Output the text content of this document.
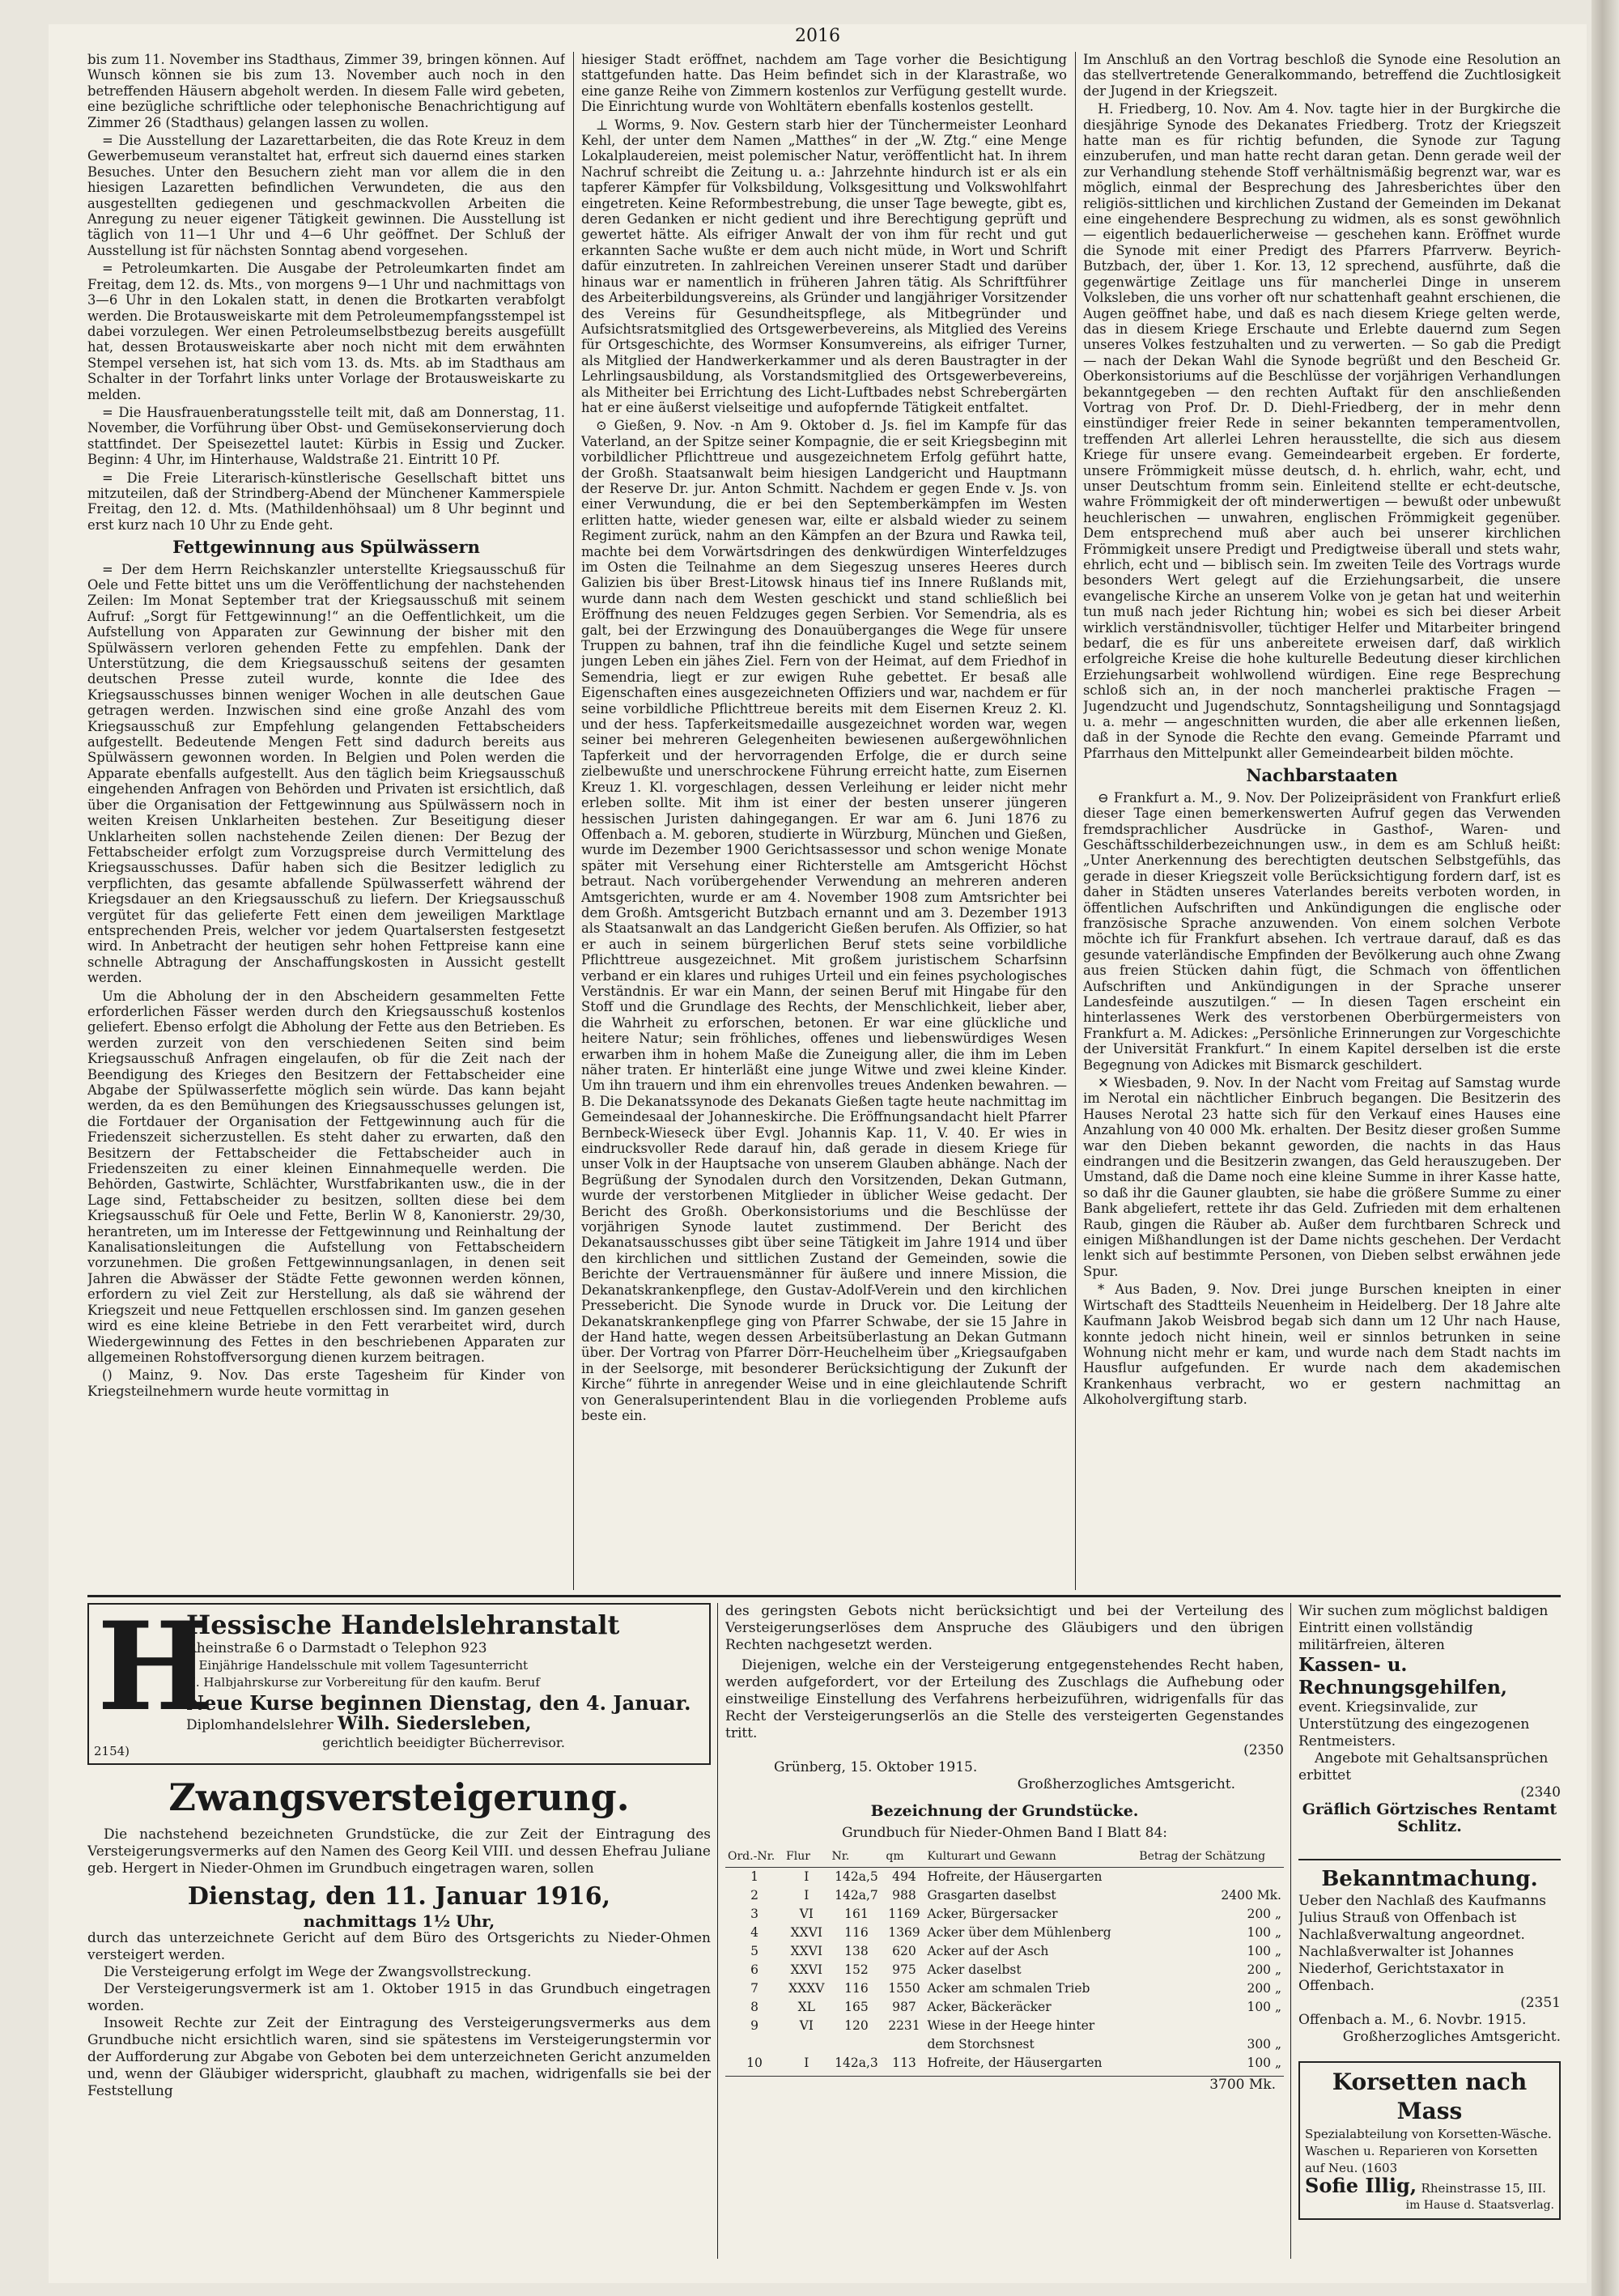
2016

bis zum 11. November ins Stadthaus, Zimmer 39, bringen können. Auf Wunsch können sie bis zum 13. November auch noch in den betreffenden Häusern abgeholt werden. In diesem Falle wird gebeten, eine bezügliche schriftliche oder telephonische Benachrichtigung auf Zimmer 26 (Stadthaus) gelangen lassen zu wollen.

= Die Ausstellung der Lazarettarbeiten, die das Rote Kreuz in dem Gewerbemuseum veranstaltet hat, erfreut sich dauernd eines starken Besuches. Unter den Besuchern zieht man vor allem die in den hiesigen Lazaretten befindlichen Verwundeten, die aus den ausgestellten gediegenen und geschmackvollen Arbeiten die Anregung zu neuer eigener Tätigkeit gewinnen. Die Ausstellung ist täglich von 11—1 Uhr und 4—6 Uhr geöffnet. Der Schluß der Ausstellung ist für nächsten Sonntag abend vorgesehen.

= Petroleumkarten. Die Ausgabe der Petroleumkarten findet am Freitag, dem 12. ds. Mts., von morgens 9—1 Uhr und nachmittags von 3—6 Uhr in den Lokalen statt, in denen die Brotkarten verabfolgt werden. Die Brotausweiskarte mit dem Petroleumempfangsstempel ist dabei vorzulegen. Wer einen Petroleumselbstbezug bereits ausgefüllt hat, dessen Brotausweiskarte aber noch nicht mit dem erwähnten Stempel versehen ist, hat sich vom 13. ds. Mts. ab im Stadthaus am Schalter in der Torfahrt links unter Vorlage der Brotausweiskarte zu melden.

= Die Hausfrauenberatungsstelle teilt mit, daß am Donnerstag, 11. November, die Vorführung über Obst- und Gemüsekonservierung doch stattfindet. Der Speisezettel lautet: Kürbis in Essig und Zucker. Beginn: 4 Uhr, im Hinterhause, Waldstraße 21. Eintritt 10 Pf.

= Die Freie Literarisch-künstlerische Gesellschaft bittet uns mitzuteilen, daß der Strindberg-Abend der Münchener Kammerspiele Freitag, den 12. d. Mts. (Mathildenhöhsaal) um 8 Uhr beginnt und erst kurz nach 10 Uhr zu Ende geht.

Fettgewinnung aus Spülwässern

= Der dem Herrn Reichskanzler unterstellte Kriegsausschuß für Oele und Fette bittet uns um die Veröffentlichung der nachstehenden Zeilen: Im Monat September trat der Kriegsausschuß mit seinem Aufruf: „Sorgt für Fettgewinnung!“ an die Oeffentlichkeit, um die Aufstellung von Apparaten zur Gewinnung der bisher mit den Spülwässern verloren gehenden Fette zu empfehlen. Dank der Unterstützung, die dem Kriegsausschuß seitens der gesamten deutschen Presse zuteil wurde, konnte die Idee des Kriegsausschusses binnen weniger Wochen in alle deutschen Gaue getragen werden. Inzwischen sind eine große Anzahl des vom Kriegsausschuß zur Empfehlung gelangenden Fettabscheiders aufgestellt. Bedeutende Mengen Fett sind dadurch bereits aus Spülwässern gewonnen worden. In Belgien und Polen werden die Apparate ebenfalls aufgestellt. Aus den täglich beim Kriegsausschuß eingehenden Anfragen von Behörden und Privaten ist ersichtlich, daß über die Organisation der Fettgewinnung aus Spülwässern noch in weiten Kreisen Unklarheiten bestehen. Zur Beseitigung dieser Unklarheiten sollen nachstehende Zeilen dienen: Der Bezug der Fettabscheider erfolgt zum Vorzugspreise durch Vermittelung des Kriegsausschusses. Dafür haben sich die Besitzer lediglich zu verpflichten, das gesamte abfallende Spülwasserfett während der Kriegsdauer an den Kriegsausschuß zu liefern. Der Kriegsausschuß vergütet für das gelieferte Fett einen dem jeweiligen Marktlage entsprechenden Preis, welcher vor jedem Quartalsersten festgesetzt wird. In Anbetracht der heutigen sehr hohen Fettpreise kann eine schnelle Abtragung der Anschaffungskosten in Aussicht gestellt werden.

Um die Abholung der in den Abscheidern gesammelten Fette erforderlichen Fässer werden durch den Kriegsausschuß kostenlos geliefert. Ebenso erfolgt die Abholung der Fette aus den Betrieben. Es werden zurzeit von den verschiedenen Seiten sind beim Kriegsausschuß Anfragen eingelaufen, ob für die Zeit nach der Beendigung des Krieges den Besitzern der Fettabscheider eine Abgabe der Spülwasserfette möglich sein würde. Das kann bejaht werden, da es den Bemühungen des Kriegsausschusses gelungen ist, die Fortdauer der Organisation der Fettgewinnung auch für die Friedenszeit sicherzustellen. Es steht daher zu erwarten, daß den Besitzern der Fettabscheider die Fettabscheider auch in Friedenszeiten zu einer kleinen Einnahmequelle werden. Die Behörden, Gastwirte, Schlächter, Wurstfabrikanten usw., die in der Lage sind, Fettabscheider zu besitzen, sollten diese bei dem Kriegsausschuß für Oele und Fette, Berlin W 8, Kanonierstr. 29/30, herantreten, um im Interesse der Fettgewinnung und Reinhaltung der Kanalisationsleitungen die Aufstellung von Fettabscheidern vorzunehmen. Die großen Fettgewinnungsanlagen, in denen seit Jahren die Abwässer der Städte Fette gewonnen werden können, erfordern zu viel Zeit zur Herstellung, als daß sie während der Kriegszeit und neue Fettquellen erschlossen sind. Im ganzen gesehen wird es eine kleine Betriebe in den Fett verarbeitet wird, durch Wiedergewinnung des Fettes in den beschriebenen Apparaten zur allgemeinen Rohstoffversorgung dienen kurzem beitragen.

() Mainz, 9. Nov. Das erste Tagesheim für Kinder von Kriegsteilnehmern wurde heute vormittag in

hiesiger Stadt eröffnet, nachdem am Tage vorher die Besichtigung stattgefunden hatte. Das Heim befindet sich in der Klarastraße, wo eine ganze Reihe von Zimmern kostenlos zur Verfügung gestellt wurde. Die Einrichtung wurde von Wohltätern ebenfalls kostenlos gestellt.

⊥ Worms, 9. Nov. Gestern starb hier der Tünchermeister Leonhard Kehl, der unter dem Namen „Matthes“ in der „W. Ztg.“ eine Menge Lokalplaudereien, meist polemischer Natur, veröffentlicht hat. In ihrem Nachruf schreibt die Zeitung u. a.: Jahrzehnte hindurch ist er als ein tapferer Kämpfer für Volksbildung, Volksgesittung und Volkswohlfahrt eingetreten. Keine Reformbestrebung, die unser Tage bewegte, gibt es, deren Gedanken er nicht gedient und ihre Berechtigung geprüft und gewertet hätte. Als eifriger Anwalt der von ihm für recht und gut erkannten Sache wußte er dem auch nicht müde, in Wort und Schrift dafür einzutreten. In zahlreichen Vereinen unserer Stadt und darüber hinaus war er namentlich in früheren Jahren tätig. Als Schriftführer des Arbeiterbildungsvereins, als Gründer und langjähriger Vorsitzender des Vereins für Gesundheitspflege, als Mitbegründer und Aufsichtsratsmitglied des Ortsgewerbevereins, als Mitglied des Vereins für Ortsgeschichte, des Wormser Konsumvereins, als eifriger Turner, als Mitglied der Handwerkerkammer und als deren Baustragter in der Lehrlingsausbildung, als Vorstandsmitglied des Ortsgewerbevereins, als Mitheiter bei Errichtung des Licht-Luftbades nebst Schrebergärten hat er eine äußerst vielseitige und aufopfernde Tätigkeit entfaltet.

⊙ Gießen, 9. Nov. -n Am 9. Oktober d. Js. fiel im Kampfe für das Vaterland, an der Spitze seiner Kompagnie, die er seit Kriegsbeginn mit vorbildlicher Pflichttreue und ausgezeichnetem Erfolg geführt hatte, der Großh. Staatsanwalt beim hiesigen Landgericht und Hauptmann der Reserve Dr. jur. Anton Schmitt. Nachdem er gegen Ende v. Js. von einer Verwundung, die er bei den Septemberkämpfen im Westen erlitten hatte, wieder genesen war, eilte er alsbald wieder zu seinem Regiment zurück, nahm an den Kämpfen an der Bzura und Rawka teil, machte bei dem Vorwärtsdringen des denkwürdigen Winterfeldzuges im Osten die Teilnahme an dem Siegeszug unseres Heeres durch Galizien bis über Brest-Litowsk hinaus tief ins Innere Rußlands mit, wurde dann nach dem Westen geschickt und stand schließlich bei Eröffnung des neuen Feldzuges gegen Serbien. Vor Semendria, als es galt, bei der Erzwingung des Donauüberganges die Wege für unsere Truppen zu bahnen, traf ihn die feindliche Kugel und setzte seinem jungen Leben ein jähes Ziel. Fern von der Heimat, auf dem Friedhof in Semendria, liegt er zur ewigen Ruhe gebettet. Er besaß alle Eigenschaften eines ausgezeichneten Offiziers und war, nachdem er für seine vorbildliche Pflichttreue bereits mit dem Eisernen Kreuz 2. Kl. und der hess. Tapferkeitsmedaille ausgezeichnet worden war, wegen seiner bei mehreren Gelegenheiten bewiesenen außergewöhnlichen Tapferkeit und der hervorragenden Erfolge, die er durch seine zielbewußte und unerschrockene Führung erreicht hatte, zum Eisernen Kreuz 1. Kl. vorgeschlagen, dessen Verleihung er leider nicht mehr erleben sollte. Mit ihm ist einer der besten unserer jüngeren hessischen Juristen dahingegangen. Er war am 6. Juni 1876 zu Offenbach a. M. geboren, studierte in Würzburg, München und Gießen, wurde im Dezember 1900 Gerichtsassessor und schon wenige Monate später mit Versehung einer Richterstelle am Amtsgericht Höchst betraut. Nach vorübergehender Verwendung an mehreren anderen Amtsgerichten, wurde er am 4. November 1908 zum Amtsrichter bei dem Großh. Amtsgericht Butzbach ernannt und am 3. Dezember 1913 als Staatsanwalt an das Landgericht Gießen berufen. Als Offizier, so hat er auch in seinem bürgerlichen Beruf stets seine vorbildliche Pflichttreue ausgezeichnet. Mit großem juristischem Scharfsinn verband er ein klares und ruhiges Urteil und ein feines psychologisches Verständnis. Er war ein Mann, der seinen Beruf mit Hingabe für den Stoff und die Grundlage des Rechts, der Menschlichkeit, lieber aber, die Wahrheit zu erforschen, betonen. Er war eine glückliche und heitere Natur; sein fröhliches, offenes und liebenswürdiges Wesen erwarben ihm in hohem Maße die Zuneigung aller, die ihm im Leben näher traten. Er hinterläßt eine junge Witwe und zwei kleine Kinder. Um ihn trauern und ihm ein ehrenvolles treues Andenken bewahren. — B. Die Dekanatssynode des Dekanats Gießen tagte heute nachmittag im Gemeindesaal der Johanneskirche. Die Eröffnungsandacht hielt Pfarrer Bernbeck-Wieseck über Evgl. Johannis Kap. 11, V. 40. Er wies in eindrucksvoller Rede darauf hin, daß gerade in diesem Kriege für unser Volk in der Hauptsache von unserem Glauben abhänge. Nach der Begrüßung der Synodalen durch den Vorsitzenden, Dekan Gutmann, wurde der verstorbenen Mitglieder in üblicher Weise gedacht. Der Bericht des Großh. Oberkonsistoriums und die Beschlüsse der vorjährigen Synode lautet zustimmend. Der Bericht des Dekanatsausschusses gibt über seine Tätigkeit im Jahre 1914 und über den kirchlichen und sittlichen Zustand der Gemeinden, sowie die Berichte der Vertrauensmänner für äußere und innere Mission, die Dekanatskrankenpflege, den Gustav-Adolf-Verein und den kirchlichen Pressebericht. Die Synode wurde in Druck vor. Die Leitung der Dekanatskrankenpflege ging von Pfarrer Schwabe, der sie 15 Jahre in der Hand hatte, wegen dessen Arbeitsüberlastung an Dekan Gutmann über. Der Vortrag von Pfarrer Dörr-Heuchelheim über „Kriegsaufgaben in der Seelsorge, mit besonderer Berücksichtigung der Zukunft der Kirche“ führte in anregender Weise und in eine gleichlautende Schrift von Generalsuperintendent Blau in die vorliegenden Probleme aufs beste ein.

Im Anschluß an den Vortrag beschloß die Synode eine Resolution an das stellvertretende Generalkommando, betreffend die Zuchtlosigkeit der Jugend in der Kriegszeit.

H. Friedberg, 10. Nov. Am 4. Nov. tagte hier in der Burgkirche die diesjährige Synode des Dekanates Friedberg. Trotz der Kriegszeit hatte man es für richtig befunden, die Synode zur Tagung einzuberufen, und man hatte recht daran getan. Denn gerade weil der zur Verhandlung stehende Stoff verhältnismäßig begrenzt war, war es möglich, einmal der Besprechung des Jahresberichtes über den religiös-sittlichen und kirchlichen Zustand der Gemeinden im Dekanat eine eingehendere Besprechung zu widmen, als es sonst gewöhnlich — eigentlich bedauerlicherweise — geschehen kann. Eröffnet wurde die Synode mit einer Predigt des Pfarrers Pfarrverw. Beyrich-Butzbach, der, über 1. Kor. 13, 12 sprechend, ausführte, daß die gegenwärtige Zeitlage uns für mancherlei Dinge in unserem Volksleben, die uns vorher oft nur schattenhaft geahnt erschienen, die Augen geöffnet habe, und daß es nach diesem Kriege gelten werde, das in diesem Kriege Erschaute und Erlebte dauernd zum Segen unseres Volkes festzuhalten und zu verwerten. — So gab die Predigt — nach der Dekan Wahl die Synode begrüßt und den Bescheid Gr. Oberkonsistoriums auf die Beschlüsse der vorjährigen Verhandlungen bekanntgegeben — den rechten Auftakt für den anschließenden Vortrag von Prof. Dr. D. Diehl-Friedberg, der in mehr denn einstündiger freier Rede in seiner bekannten temperamentvollen, treffenden Art allerlei Lehren herausstellte, die sich aus diesem Kriege für unsere evang. Gemeindearbeit ergeben. Er forderte, unsere Frömmigkeit müsse deutsch, d. h. ehrlich, wahr, echt, und unser Deutschtum fromm sein. Einleitend stellte er echt-deutsche, wahre Frömmigkeit der oft minderwertigen — bewußt oder unbewußt heuchlerischen — unwahren, englischen Frömmigkeit gegenüber. Dem entsprechend muß aber auch bei unserer kirchlichen Frömmigkeit unsere Predigt und Predigtweise überall und stets wahr, ehrlich, echt und — biblisch sein. Im zweiten Teile des Vortrags wurde besonders Wert gelegt auf die Erziehungsarbeit, die unsere evangelische Kirche an unserem Volke von je getan hat und weiterhin tun muß nach jeder Richtung hin; wobei es sich bei dieser Arbeit wirklich verständnisvoller, tüchtiger Helfer und Mitarbeiter bringend bedarf, die es für uns anbereitete erweisen darf, daß wirklich erfolgreiche Kreise die hohe kulturelle Bedeutung dieser kirchlichen Erziehungsarbeit wohlwollend würdigen. Eine rege Besprechung schloß sich an, in der noch mancherlei praktische Fragen — Jugendzucht und Jugendschutz, Sonntagsheiligung und Sonntagsjagd u. a. mehr — angeschnitten wurden, die aber alle erkennen ließen, daß in der Synode die Rechte den evang. Gemeinde Pfarramt und Pfarrhaus den Mittelpunkt aller Gemeindearbeit bilden möchte.

Nachbarstaaten

⊖ Frankfurt a. M., 9. Nov. Der Polizeipräsident von Frankfurt erließ dieser Tage einen bemerkenswerten Aufruf gegen das Verwenden fremdsprachlicher Ausdrücke in Gasthof-, Waren- und Geschäftsschilderbezeichnungen usw., in dem es am Schluß heißt: „Unter Anerkennung des berechtigten deutschen Selbstgefühls, das gerade in dieser Kriegszeit volle Berücksichtigung fordern darf, ist es daher in Städten unseres Vaterlandes bereits verboten worden, in öffentlichen Aufschriften und Ankündigungen die englische oder französische Sprache anzuwenden. Von einem solchen Verbote möchte ich für Frankfurt absehen. Ich vertraue darauf, daß es das gesunde vaterländische Empfinden der Bevölkerung auch ohne Zwang aus freien Stücken dahin fügt, die Schmach von öffentlichen Aufschriften und Ankündigungen in der Sprache unserer Landesfeinde auszutilgen.“ — In diesen Tagen erscheint ein hinterlassenes Werk des verstorbenen Oberbürgermeisters von Frankfurt a. M. Adickes: „Persönliche Erinnerungen zur Vorgeschichte der Universität Frankfurt.“ In einem Kapitel derselben ist die erste Begegnung von Adickes mit Bismarck geschildert.

✕ Wiesbaden, 9. Nov. In der Nacht vom Freitag auf Samstag wurde im Nerotal ein nächtlicher Einbruch begangen. Die Besitzerin des Hauses Nerotal 23 hatte sich für den Verkauf eines Hauses eine Anzahlung von 40 000 Mk. erhalten. Der Besitz dieser großen Summe war den Dieben bekannt geworden, die nachts in das Haus eindrangen und die Besitzerin zwangen, das Geld herauszugeben. Der Umstand, daß die Dame noch eine kleine Summe in ihrer Kasse hatte, so daß ihr die Gauner glaubten, sie habe die größere Summe zu einer Bank abgeliefert, rettete ihr das Geld. Zufrieden mit dem erhaltenen Raub, gingen die Räuber ab. Außer dem furchtbaren Schreck und einigen Mißhandlungen ist der Dame nichts geschehen. Der Verdacht lenkt sich auf bestimmte Personen, von Dieben selbst erwähnen jede Spur.

* Aus Baden, 9. Nov. Drei junge Burschen kneipten in einer Wirtschaft des Stadtteils Neuenheim in Heidelberg. Der 18 Jahre alte Kaufmann Jakob Weisbrod begab sich dann um 12 Uhr nach Hause, konnte jedoch nicht hinein, weil er sinnlos betrunken in seine Wohnung nicht mehr er kam, und wurde nach dem Stadt nachts im Hausflur aufgefunden. Er wurde nach dem akademischen Krankenhaus verbracht, wo er gestern nachmittag an Alkoholvergiftung starb.

H
Hessische Handelslehranstalt
Rheinstraße 6 o Darmstadt o Telephon 923
I. Einjährige Handelsschule mit vollem Tagesunterricht
II. Halbjahrskurse zur Vorbereitung für den kaufm. Beruf
Neue Kurse beginnen Dienstag, den 4. Januar.
Diplomhandelslehrer Wilh. Siedersleben,
gerichtlich beeidigter Bücherrevisor.
2154)
Zwangsversteigerung.
Die nachstehend bezeichneten Grundstücke, die zur Zeit der Eintragung des Versteigerungsvermerks auf den Namen des Georg Keil VIII. und dessen Ehefrau Juliane geb. Hergert in Nieder-Ohmen im Grundbuch eingetragen waren, sollen
Dienstag, den 11. Januar 1916,
nachmittags 1½ Uhr,
durch das unterzeichnete Gericht auf dem Büro des Ortsgerichts zu Nieder-Ohmen versteigert werden.
Die Versteigerung erfolgt im Wege der Zwangsvollstreckung.
Der Versteigerungsvermerk ist am 1. Oktober 1915 in das Grundbuch eingetragen worden.
Insoweit Rechte zur Zeit der Eintragung des Versteigerungsvermerks aus dem Grundbuche nicht ersichtlich waren, sind sie spätestens im Versteigerungstermin vor der Aufforderung zur Abgabe von Geboten bei dem unterzeichneten Gericht anzumelden und, wenn der Gläubiger widerspricht, glaubhaft zu machen, widrigenfalls sie bei der Feststellung
des geringsten Gebots nicht berücksichtigt und bei der Verteilung des Versteigerungserlöses dem Anspruche des Gläubigers und den übrigen Rechten nachgesetzt werden.
Diejenigen, welche ein der Versteigerung entgegenstehendes Recht haben, werden aufgefordert, vor der Erteilung des Zuschlags die Aufhebung oder einstweilige Einstellung des Verfahrens herbeizuführen, widrigenfalls für das Recht der Versteigerungserlös an die Stelle des versteigerten Gegenstandes tritt.
(2350
Grünberg, 15. Oktober 1915.
Großherzogliches Amtsgericht.
Bezeichnung der Grundstücke.
Grundbuch für Nieder-Ohmen Band I Blatt 84:
Ord.-Nr.	Flur	Nr.	qm	Kulturart und Gewann	Betrag der Schätzung
1	I	142a,5	494	Hofreite, der Häusergarten	
2	I	142a,7	988	Grasgarten daselbst	2400 Mk.
3	VI	161	1169	Acker, Bürgersacker	200 „
4	XXVI	116	1369	Acker über dem Mühlenberg	100 „
5	XXVI	138	620	Acker auf der Asch	100 „
6	XXVI	152	975	Acker daselbst	200 „
7	XXXV	116	1550	Acker am schmalen Trieb	200 „
8	XL	165	987	Acker, Bäckeräcker	100 „
9	VI	120	2231	Wiese in der Heege hinter	
				dem Storchsnest	300 „
10	I	142a,3	113	Hofreite, der Häusergarten	100 „
3700 Mk.
Wir suchen zum möglichst baldigen Eintritt einen vollständig militärfreien, älteren
Kassen- u. Rechnungsgehilfen,
event. Kriegsinvalide, zur Unterstützung des eingezogenen Rentmeisters.
Angebote mit Gehaltsansprüchen erbittet
(2340
Gräflich Görtzisches Rentamt Schlitz.
Bekanntmachung.
Ueber den Nachlaß des Kaufmanns Julius Strauß von Offenbach ist Nachlaßverwaltung angeordnet. Nachlaßverwalter ist Johannes Niederhof, Gerichtstaxator in Offenbach.
(2351
Offenbach a. M., 6. Novbr. 1915.
Großherzogliches Amtsgericht.
Korsetten nach Mass
Spezialabteilung von Korsetten-Wäsche. Waschen u. Reparieren von Korsetten auf Neu. (1603
Sofie Illig, Rheinstrasse 15, III.
im Hause d. Staatsverlag.
